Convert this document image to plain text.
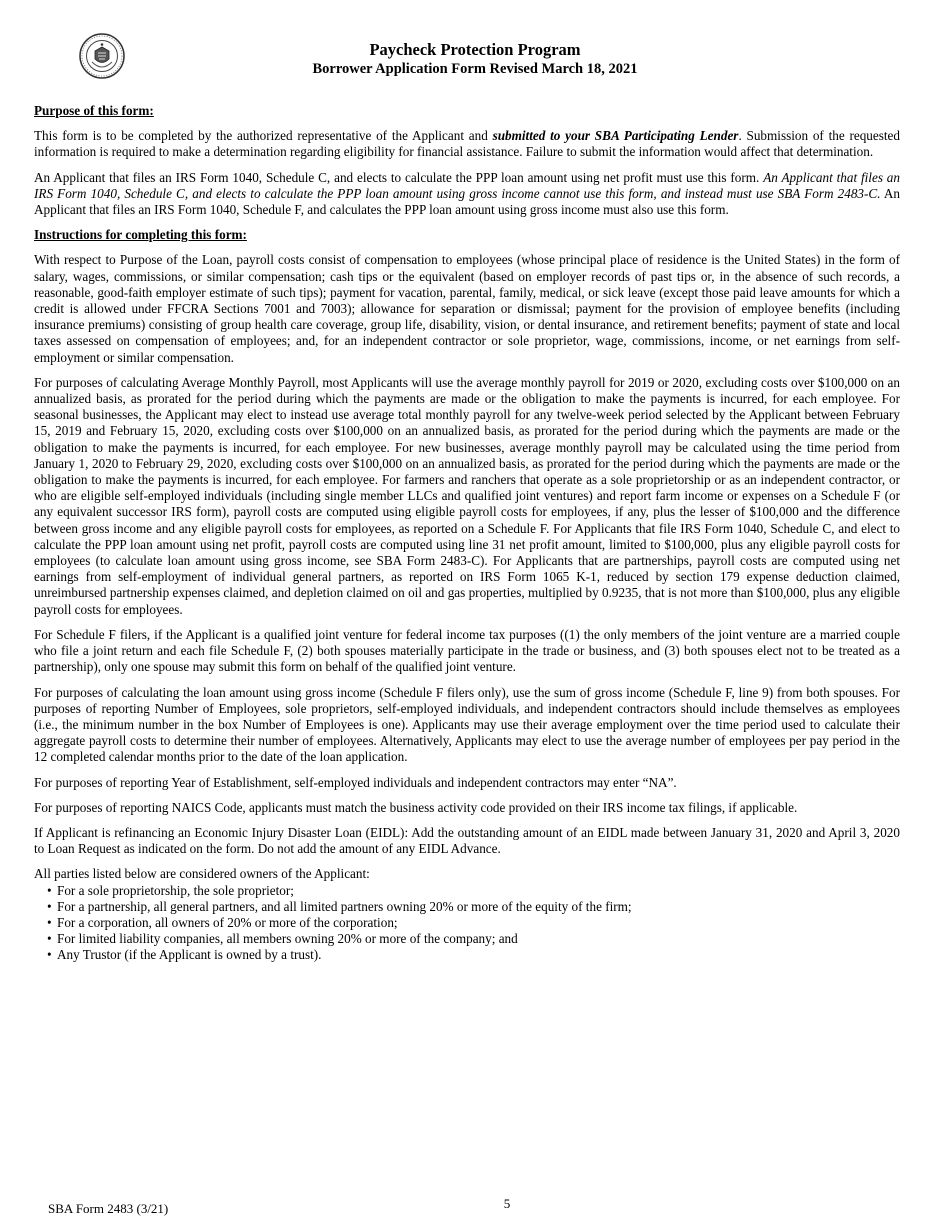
Paycheck Protection Program
Borrower Application Form Revised March 18, 2021
Purpose of this form:

This form is to be completed by the authorized representative of the Applicant and submitted to your SBA Participating Lender. Submission of the requested information is required to make a determination regarding eligibility for financial assistance. Failure to submit the information would affect that determination.

An Applicant that files an IRS Form 1040, Schedule C, and elects to calculate the PPP loan amount using net profit must use this form. An Applicant that files an IRS Form 1040, Schedule C, and elects to calculate the PPP loan amount using gross income cannot use this form, and instead must use SBA Form 2483-C. An Applicant that files an IRS Form 1040, Schedule F, and calculates the PPP loan amount using gross income must also use this form.

Instructions for completing this form:

With respect to Purpose of the Loan, payroll costs consist of compensation to employees (whose principal place of residence is the United States) in the form of salary, wages, commissions, or similar compensation; cash tips or the equivalent (based on employer records of past tips or, in the absence of such records, a reasonable, good-faith employer estimate of such tips); payment for vacation, parental, family, medical, or sick leave (except those paid leave amounts for which a credit is allowed under FFCRA Sections 7001 and 7003); allowance for separation or dismissal; payment for the provision of employee benefits (including insurance premiums) consisting of group health care coverage, group life, disability, vision, or dental insurance, and retirement benefits; payment of state and local taxes assessed on compensation of employees; and, for an independent contractor or sole proprietor, wage, commissions, income, or net earnings from self-employment or similar compensation.

For purposes of calculating Average Monthly Payroll, most Applicants will use the average monthly payroll for 2019 or 2020, excluding costs over $100,000 on an annualized basis, as prorated for the period during which the payments are made or the obligation to make the payments is incurred, for each employee. For seasonal businesses, the Applicant may elect to instead use average total monthly payroll for any twelve-week period selected by the Applicant between February 15, 2019 and February 15, 2020, excluding costs over $100,000 on an annualized basis, as prorated for the period during which the payments are made or the obligation to make the payments is incurred, for each employee. For new businesses, average monthly payroll may be calculated using the time period from January 1, 2020 to February 29, 2020, excluding costs over $100,000 on an annualized basis, as prorated for the period during which the payments are made or the obligation to make the payments is incurred, for each employee. For farmers and ranchers that operate as a sole proprietorship or as an independent contractor, or who are eligible self-employed individuals (including single member LLCs and qualified joint ventures) and report farm income or expenses on a Schedule F (or any equivalent successor IRS form), payroll costs are computed using eligible payroll costs for employees, if any, plus the lesser of $100,000 and the difference between gross income and any eligible payroll costs for employees, as reported on a Schedule F. For Applicants that file IRS Form 1040, Schedule C, and elect to calculate the PPP loan amount using net profit, payroll costs are computed using line 31 net profit amount, limited to $100,000, plus any eligible payroll costs for employees (to calculate loan amount using gross income, see SBA Form 2483-C). For Applicants that are partnerships, payroll costs are computed using net earnings from self-employment of individual general partners, as reported on IRS Form 1065 K-1, reduced by section 179 expense deduction claimed, unreimbursed partnership expenses claimed, and depletion claimed on oil and gas properties, multiplied by 0.9235, that is not more than $100,000, plus any eligible payroll costs for employees.

For Schedule F filers, if the Applicant is a qualified joint venture for federal income tax purposes ((1) the only members of the joint venture are a married couple who file a joint return and each file Schedule F, (2) both spouses materially participate in the trade or business, and (3) both spouses elect not to be treated as a partnership), only one spouse may submit this form on behalf of the qualified joint venture.

For purposes of calculating the loan amount using gross income (Schedule F filers only), use the sum of gross income (Schedule F, line 9) from both spouses. For purposes of reporting Number of Employees, sole proprietors, self-employed individuals, and independent contractors should include themselves as employees (i.e., the minimum number in the box Number of Employees is one). Applicants may use their average employment over the time period used to calculate their aggregate payroll costs to determine their number of employees. Alternatively, Applicants may elect to use the average number of employees per pay period in the 12 completed calendar months prior to the date of the loan application.

For purposes of reporting Year of Establishment, self-employed individuals and independent contractors may enter “NA”.

For purposes of reporting NAICS Code, applicants must match the business activity code provided on their IRS income tax filings, if applicable.

If Applicant is refinancing an Economic Injury Disaster Loan (EIDL): Add the outstanding amount of an EIDL made between January 31, 2020 and April 3, 2020 to Loan Request as indicated on the form. Do not add the amount of any EIDL Advance.

All parties listed below are considered owners of the Applicant:

• For a sole proprietorship, the sole proprietor;
• For a partnership, all general partners, and all limited partners owning 20% or more of the equity of the firm;
• For a corporation, all owners of 20% or more of the corporation;
• For limited liability companies, all members owning 20% or more of the company; and
• Any Trustor (if the Applicant is owned by a trust).
SBA Form 2483 (3/21)	5
